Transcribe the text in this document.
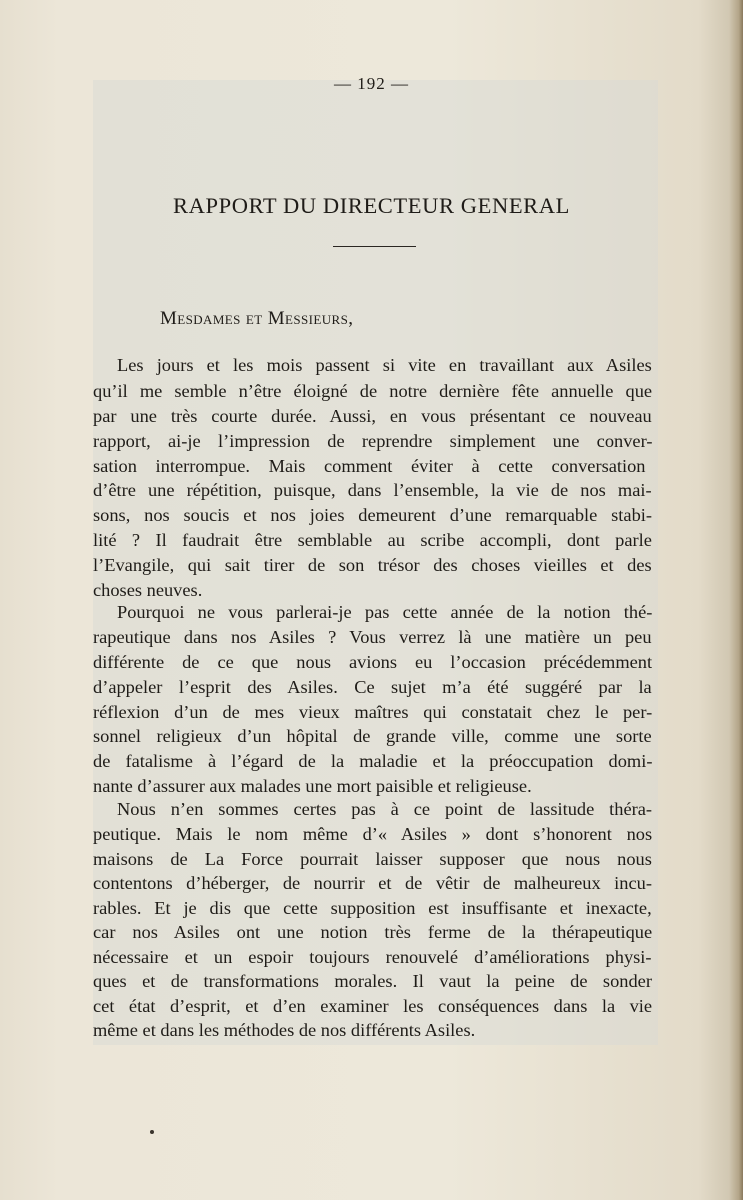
— 192 —
RAPPORT DU DIRECTEUR GENERAL
Mesdames et Messieurs,
Les jours et les mois passent si vite en travaillant aux Asiles
qu’il me semble n’être éloigné de notre dernière fête annuelle que
par une très courte durée. Aussi, en vous présentant ce nouveau
rapport, ai-je l’impression de reprendre simplement une conver-
sation interrompue. Mais comment éviter à cette conversation
d’être une répétition, puisque, dans l’ensemble, la vie de nos mai-
sons, nos soucis et nos joies demeurent d’une remarquable stabi-
lité ? Il faudrait être semblable au scribe accompli, dont parle
l’Evangile, qui sait tirer de son trésor des choses vieilles et des
choses neuves.
Pourquoi ne vous parlerai-je pas cette année de la notion thé-
rapeutique dans nos Asiles ? Vous verrez là une matière un peu
différente de ce que nous avions eu l’occasion précédemment
d’appeler l’esprit des Asiles. Ce sujet m’a été suggéré par la
réflexion d’un de mes vieux maîtres qui constatait chez le per-
sonnel religieux d’un hôpital de grande ville, comme une sorte
de fatalisme à l’égard de la maladie et la préoccupation domi-
nante d’assurer aux malades une mort paisible et religieuse.
Nous n’en sommes certes pas à ce point de lassitude théra-
peutique. Mais le nom même d’« Asiles » dont s’honorent nos
maisons de La Force pourrait laisser supposer que nous nous
contentons d’héberger, de nourrir et de vêtir de malheureux incu-
rables. Et je dis que cette supposition est insuffisante et inexacte,
car nos Asiles ont une notion très ferme de la thérapeutique
nécessaire et un espoir toujours renouvelé d’améliorations physi-
ques et de transformations morales. Il vaut la peine de sonder
cet état d’esprit, et d’en examiner les conséquences dans la vie
même et dans les méthodes de nos différents Asiles.
